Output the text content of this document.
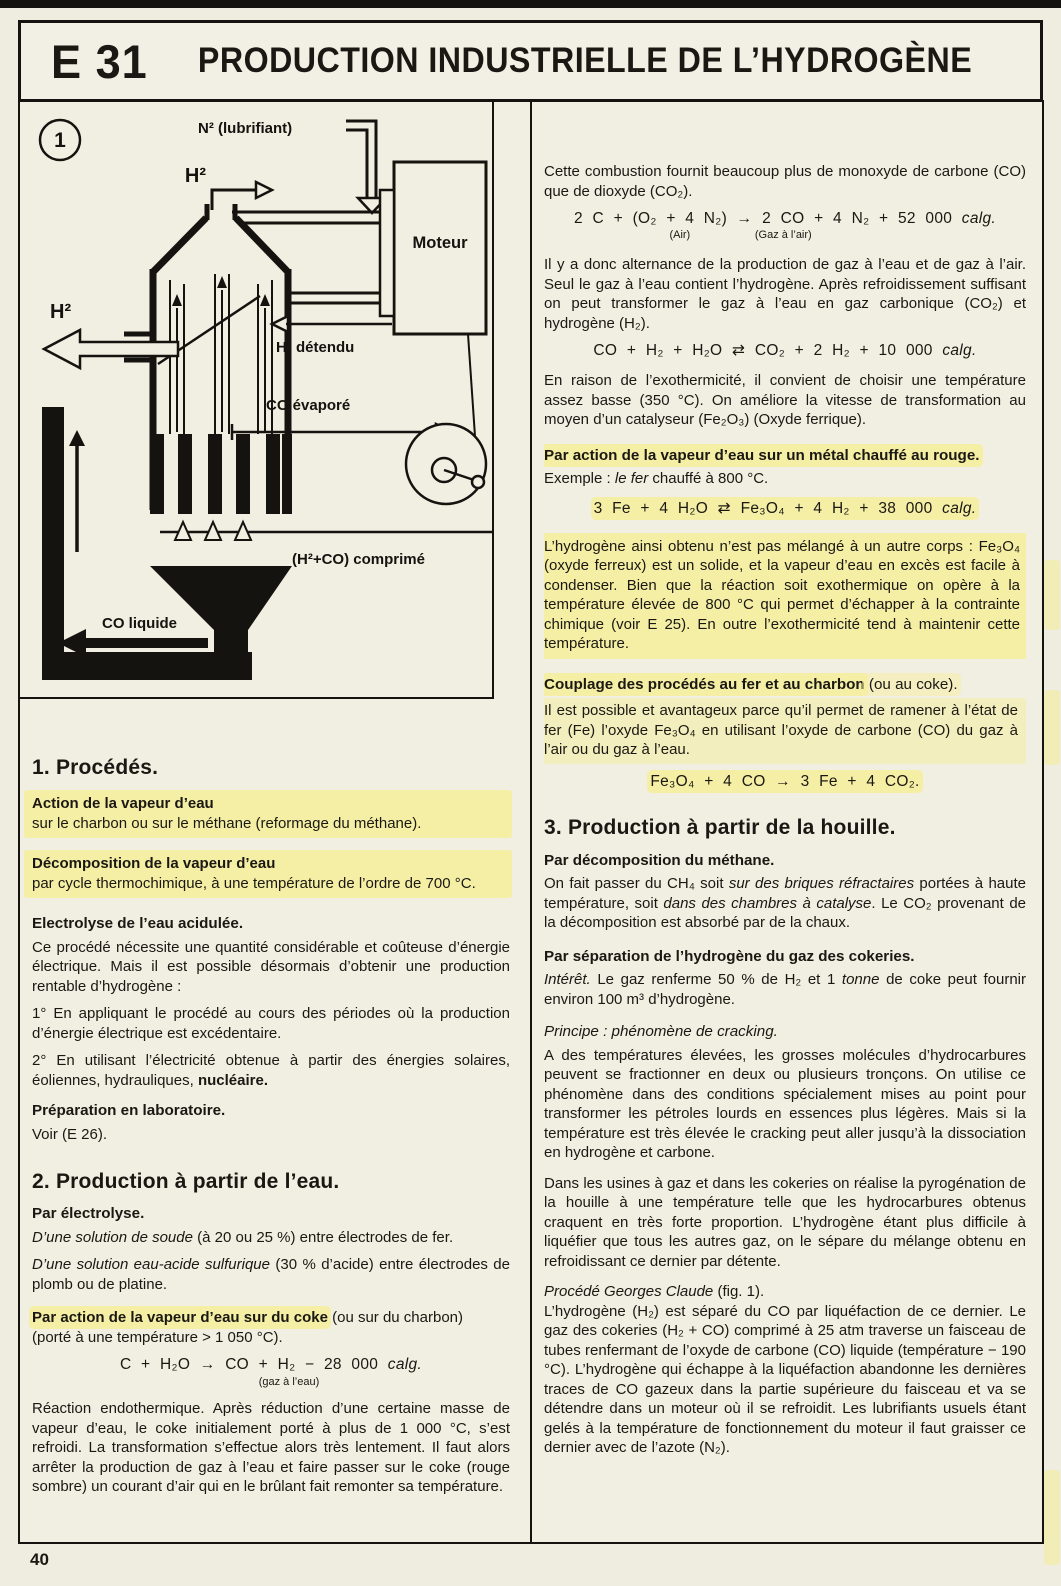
E 31	PRODUCTION INDUSTRIELLE DE L’HYDROGÈNE
1
N² (lubrifiant)
Moteur
H²
H²
H² détendu
CO évaporé
(H²+CO) comprimé
CO liquide
1. Procédés.
Action de la vapeur d’eau
sur le charbon ou sur le méthane (reformage du méthane).
Décomposition de la vapeur d’eau
par cycle thermochimique, à une température de l’ordre de 700 °C.
Electrolyse de l’eau acidulée.
Ce procédé nécessite une quantité considérable et coûteuse d’énergie électrique. Mais il est possible désormais d’obtenir une production rentable d’hydrogène :
1° En appliquant le procédé au cours des périodes où la production d’énergie électrique est excédentaire.
2° En utilisant l’électricité obtenue à partir des énergies solaires, éoliennes, hydrauliques, nucléaire.
Préparation en laboratoire.
Voir (E 26).
2. Production à partir de l’eau.
Par électrolyse.
D’une solution de soude (à 20 ou 25 %) entre électrodes de fer.
D’une solution eau-acide sulfurique (30 % d’acide) entre électrodes de plomb ou de platine.
Par action de la vapeur d’eau sur du coke (ou sur du charbon)
(porté à une température > 1 050 °C).
C + H₂O → CO + H₂ − 28 000 calg.
(gaz à l’eau)
Réaction endothermique. Après réduction d’une certaine masse de vapeur d’eau, le coke initialement porté à plus de 1 000 °C, s’est refroidi. La transformation s’effectue alors très lentement. Il faut alors arrêter la production de gaz à l’eau et faire passer sur le coke (rouge sombre) un courant d’air qui en le brûlant fait remonter sa température.
Cette combustion fournit beaucoup plus de monoxyde de carbone (CO) que de dioxyde (CO₂).
2 C + (O₂ + 4 N₂)
(Air)
→ 2 CO
(Gaz à l’air)
+ 4 N₂ + 52 000 calg.
Il y a donc alternance de la production de gaz à l’eau et de gaz à l’air. Seul le gaz à l’eau contient l’hydrogène. Après refroidissement suffisant on peut transformer le gaz à l’eau en gaz carbonique (CO₂) et hydrogène (H₂).
CO + H₂ + H₂O ⇄ CO₂ + 2 H₂ + 10 000 calg.
En raison de l’exothermicité, il convient de choisir une température assez basse (350 °C). On améliore la vitesse de transformation au moyen d’un catalyseur (Fe₂O₃) (Oxyde ferrique).
Par action de la vapeur d’eau sur un métal chauffé au rouge.
Exemple : le fer chauffé à 800 °C.
3 Fe + 4 H₂O ⇄ Fe₃O₄ + 4 H₂ + 38 000 calg.
L’hydrogène ainsi obtenu n’est pas mélangé à un autre corps : Fe₃O₄ (oxyde ferreux) est un solide, et la vapeur d’eau en excès est facile à condenser. Bien que la réaction soit exothermique on opère à la température élevée de 800 °C qui permet d’échapper à la contrainte chimique (voir E 25). En outre l’exothermicité tend à maintenir cette température.
Couplage des procédés au fer et au charbon (ou au coke).
Il est possible et avantageux parce qu’il permet de ramener à l’état de fer (Fe) l’oxyde Fe₃O₄ en utilisant l’oxyde de carbone (CO) du gaz à l’air ou du gaz à l’eau.
Fe₃O₄ + 4 CO → 3 Fe + 4 CO₂.
3. Production à partir de la houille.
Par décomposition du méthane.
On fait passer du CH₄ soit sur des briques réfractaires portées à haute température, soit dans des chambres à catalyse. Le CO₂ provenant de la décomposition est absorbé par de la chaux.
Par séparation de l’hydrogène du gaz des cokeries.
Intérêt. Le gaz renferme 50 % de H₂ et 1 tonne de coke peut fournir environ 100 m³ d’hydrogène.
Principe : phénomène de cracking.
A des températures élevées, les grosses molécules d’hydrocarbures peuvent se fractionner en deux ou plusieurs tronçons. On utilise ce phénomène dans des conditions spécialement mises au point pour transformer les pétroles lourds en essences plus légères. Mais si la température est très élevée le cracking peut aller jusqu’à la dissociation en hydrogène et carbone.
Dans les usines à gaz et dans les cokeries on réalise la pyrogénation de la houille à une température telle que les hydrocarbures obtenus craquent en très forte proportion. L’hydrogène étant plus difficile à liquéfier que tous les autres gaz, on le sépare du mélange obtenu en refroidissant ce dernier par détente.
Procédé Georges Claude (fig. 1).
L’hydrogène (H₂) est séparé du CO par liquéfaction de ce dernier. Le gaz des cokeries (H₂ + CO) comprimé à 25 atm traverse un faisceau de tubes renfermant de l’oxyde de carbone (CO) liquide (température − 190 °C). L’hydrogène qui échappe à la liquéfaction abandonne les dernières traces de CO gazeux dans la partie supérieure du faisceau et va se détendre dans un moteur où il se refroidit. Les lubrifiants usuels étant gelés à la température de fonctionnement du moteur il faut graisser ce dernier avec de l’azote (N₂).
40
